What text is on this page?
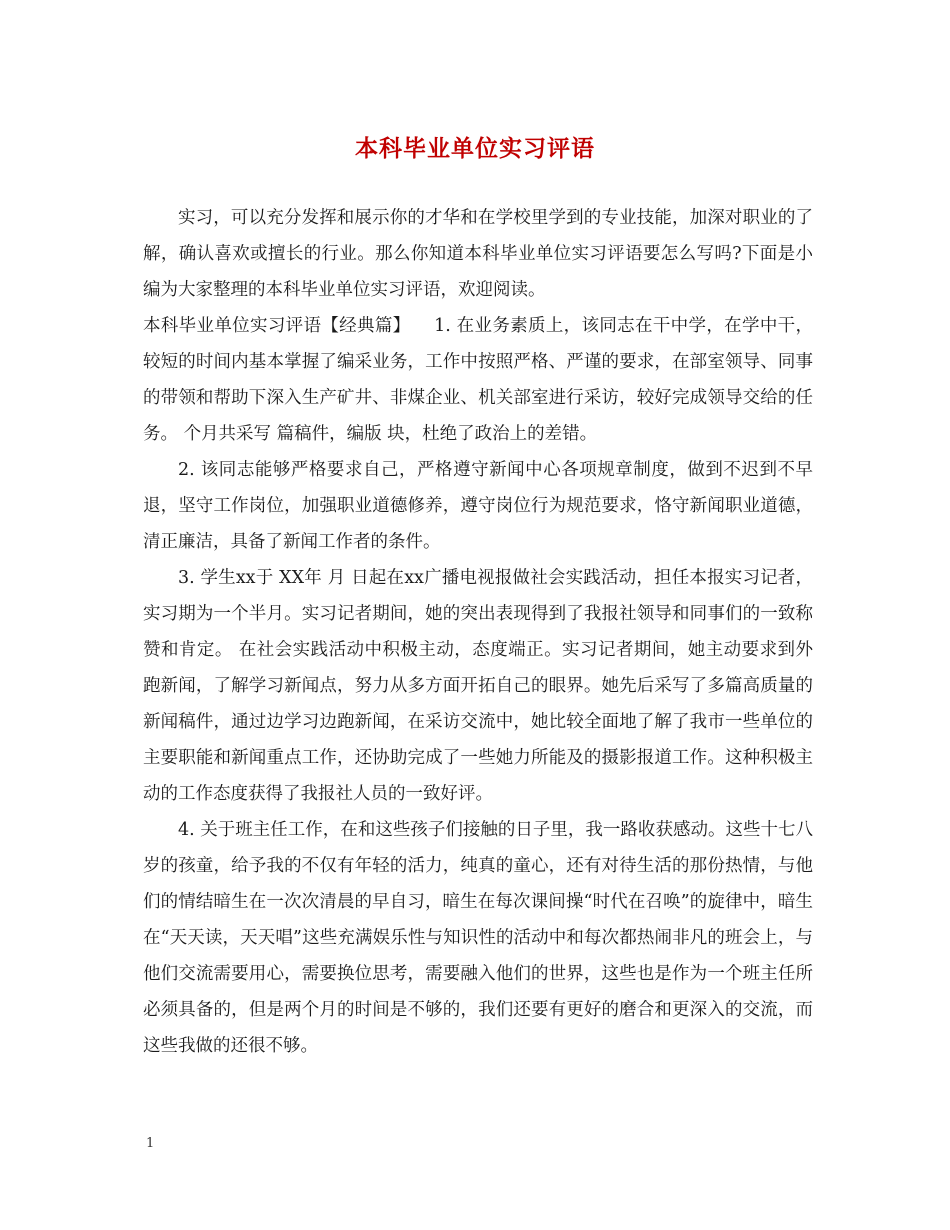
本科毕业单位实习评语

实习，可以充分发挥和展示你的才华和在学校里学到的专业技能，加深对职业的了解，确认喜欢或擅长的行业。那么你知道本科毕业单位实习评语要怎么写吗?下面是小编为大家整理的本科毕业单位实习评语，欢迎阅读。

本科毕业单位实习评语【经典篇】    1. 在业务素质上，该同志在干中学，在学中干，较短的时间内基本掌握了编采业务，工作中按照严格、严谨的要求，在部室领导、同事的带领和帮助下深入生产矿井、非煤企业、机关部室进行采访，较好完成领导交给的任务。 个月共采写 篇稿件，编版 块，杜绝了政治上的差错。

2. 该同志能够严格要求自己，严格遵守新闻中心各项规章制度，做到不迟到不早退，坚守工作岗位，加强职业道德修养，遵守岗位行为规范要求，恪守新闻职业道德，清正廉洁，具备了新闻工作者的条件。

3. 学生xx于 XX年 月 日起在xx广播电视报做社会实践活动，担任本报实习记者，实习期为一个半月。实习记者期间，她的突出表现得到了我报社领导和同事们的一致称赞和肯定。 在社会实践活动中积极主动，态度端正。实习记者期间，她主动要求到外跑新闻，了解学习新闻点，努力从多方面开拓自己的眼界。她先后采写了多篇高质量的新闻稿件，通过边学习边跑新闻，在采访交流中，她比较全面地了解了我市一些单位的主要职能和新闻重点工作，还协助完成了一些她力所能及的摄影报道工作。这种积极主动的工作态度获得了我报社人员的一致好评。

4. 关于班主任工作，在和这些孩子们接触的日子里，我一路收获感动。这些十七八岁的孩童，给予我的不仅有年轻的活力，纯真的童心，还有对待生活的那份热情，与他们的情结暗生在一次次清晨的早自习，暗生在每次课间操“时代在召唤”的旋律中，暗生在“天天读，天天唱”这些充满娱乐性与知识性的活动中和每次都热闹非凡的班会上，与他们交流需要用心，需要换位思考，需要融入他们的世界，这些也是作为一个班主任所必须具备的，但是两个月的时间是不够的，我们还要有更好的磨合和更深入的交流，而这些我做的还很不够。

1
